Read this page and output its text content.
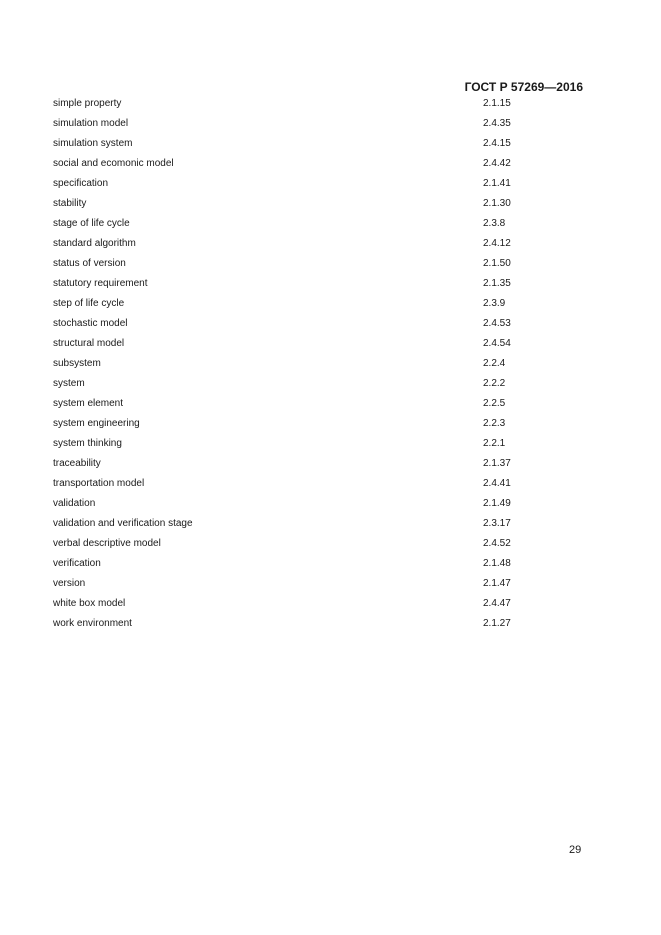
ГОСТ Р 57269—2016
simple property	2.1.15
simulation model	2.4.35
simulation system	2.4.15
social and ecomonic model	2.4.42
specification	2.1.41
stability	2.1.30
stage of life cycle	2.3.8
standard algorithm	2.4.12
status of version	2.1.50
statutory requirement	2.1.35
step of life cycle	2.3.9
stochastic model	2.4.53
structural model	2.4.54
subsystem	2.2.4
system	2.2.2
system element	2.2.5
system engineering	2.2.3
system thinking	2.2.1
traceability	2.1.37
transportation model	2.4.41
validation	2.1.49
validation and verification stage	2.3.17
verbal descriptive model	2.4.52
verification	2.1.48
version	2.1.47
white box model	2.4.47
work environment	2.1.27
29
